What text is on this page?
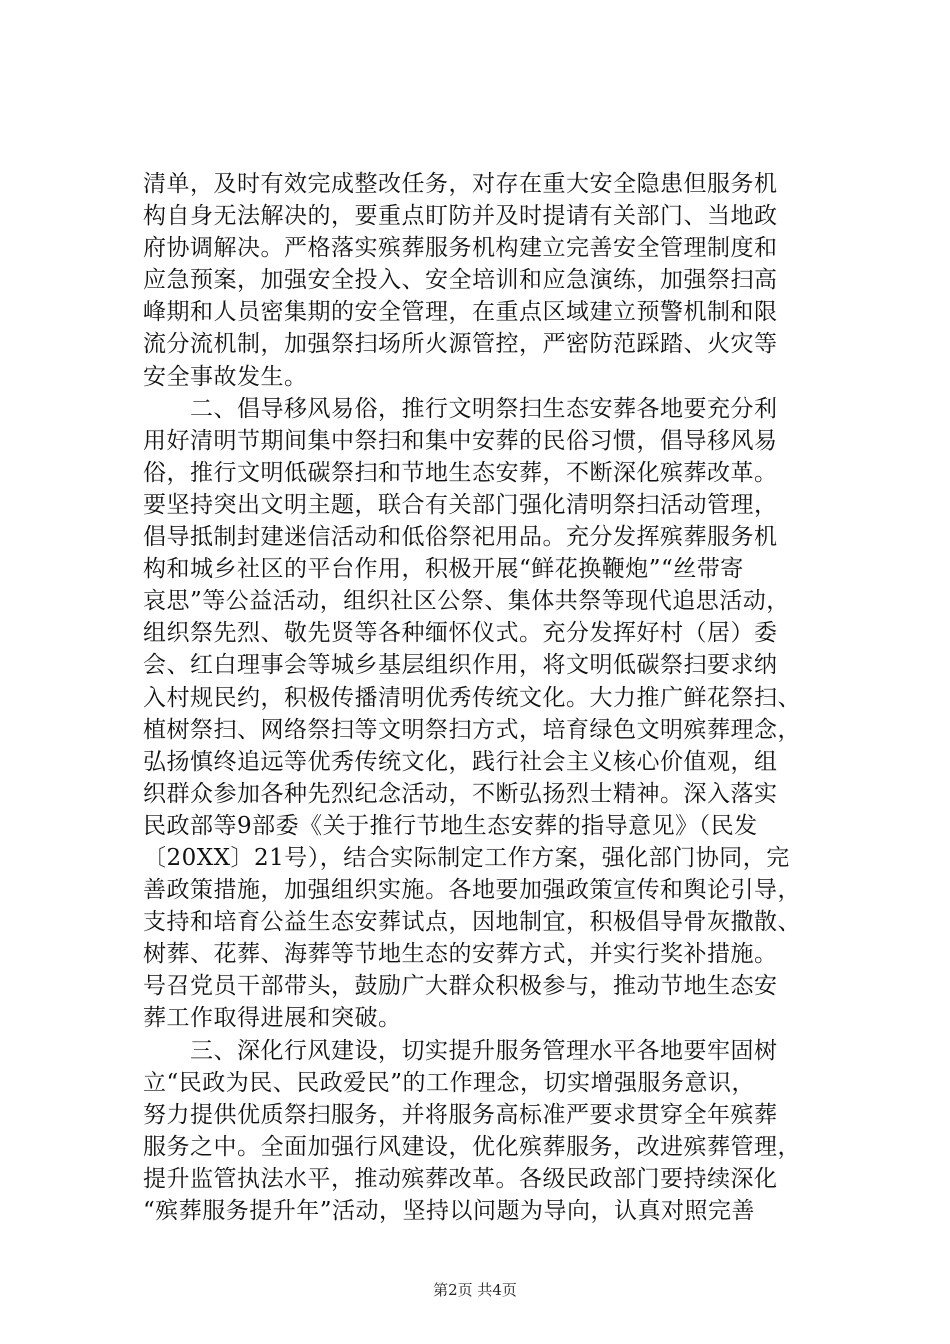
清单，及时有效完成整改任务，对存在重大安全隐患但服务机
构自身无法解决的，要重点盯防并及时提请有关部门、当地政
府协调解决。严格落实殡葬服务机构建立完善安全管理制度和
应急预案，加强安全投入、安全培训和应急演练，加强祭扫高
峰期和人员密集期的安全管理，在重点区域建立预警机制和限
流分流机制，加强祭扫场所火源管控，严密防范踩踏、火灾等
安全事故发生。
　　二、倡导移风易俗，推行文明祭扫生态安葬各地要充分利
用好清明节期间集中祭扫和集中安葬的民俗习惯，倡导移风易
俗，推行文明低碳祭扫和节地生态安葬，不断深化殡葬改革。
要坚持突出文明主题，联合有关部门强化清明祭扫活动管理，
倡导抵制封建迷信活动和低俗祭祀用品。充分发挥殡葬服务机
构和城乡社区的平台作用，积极开展“鲜花换鞭炮”“丝带寄
哀思”等公益活动，组织社区公祭、集体共祭等现代追思活动，
组织祭先烈、敬先贤等各种缅怀仪式。充分发挥好村（居）委
会、红白理事会等城乡基层组织作用，将文明低碳祭扫要求纳
入村规民约，积极传播清明优秀传统文化。大力推广鲜花祭扫、
植树祭扫、网络祭扫等文明祭扫方式，培育绿色文明殡葬理念，
弘扬慎终追远等优秀传统文化，践行社会主义核心价值观，组
织群众参加各种先烈纪念活动，不断弘扬烈士精神。深入落实
民政部等9部委《关于推行节地生态安葬的指导意见》（民发
〔20XX〕21号），结合实际制定工作方案，强化部门协同，完
善政策措施，加强组织实施。各地要加强政策宣传和舆论引导，
支持和培育公益生态安葬试点，因地制宜，积极倡导骨灰撒散、
树葬、花葬、海葬等节地生态的安葬方式，并实行奖补措施。
号召党员干部带头，鼓励广大群众积极参与，推动节地生态安
葬工作取得进展和突破。
　　三、深化行风建设，切实提升服务管理水平各地要牢固树
立“民政为民、民政爱民”的工作理念，切实增强服务意识，
努力提供优质祭扫服务，并将服务高标准严要求贯穿全年殡葬
服务之中。全面加强行风建设，优化殡葬服务，改进殡葬管理，
提升监管执法水平，推动殡葬改革。各级民政部门要持续深化
“殡葬服务提升年”活动，坚持以问题为导向，认真对照完善
第2页 共4页
